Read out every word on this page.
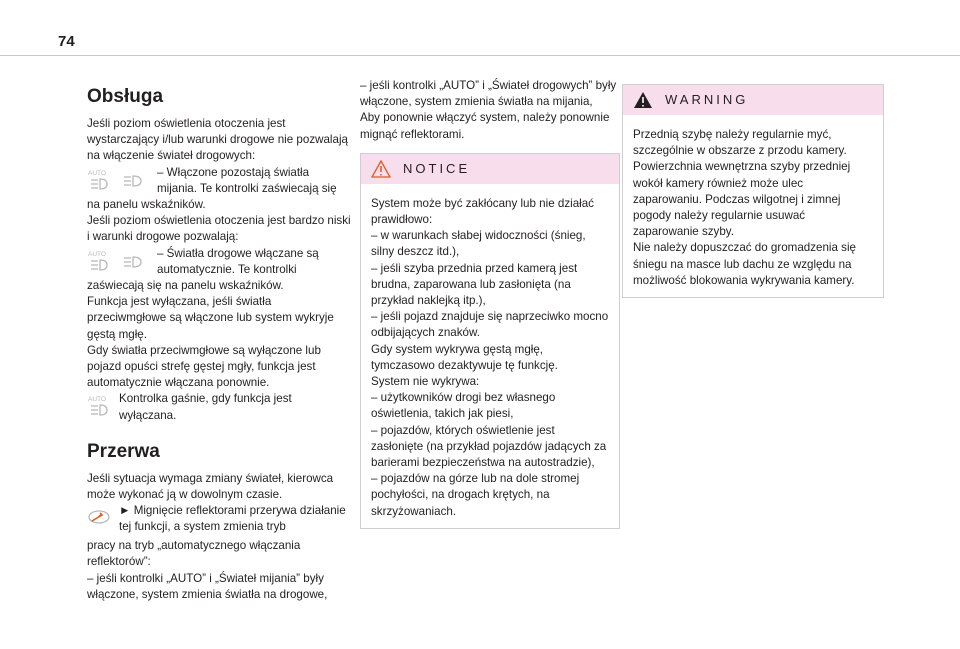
74
Obsługa

Jeśli poziom oświetlenia otoczenia jest wystarczający i/lub warunki drogowe nie pozwalają na włączenie świateł drogowych:

AUTO	– Włączone pozostają światła mijania. Te kontrolki zaświecają się

na panelu wskaźników.

Jeśli poziom oświetlenia otoczenia jest bardzo niski i warunki drogowe pozwalają:

AUTO	– Światła drogowe włączane są automatycznie. Te kontrolki

zaświecają się na panelu wskaźników.

Funkcja jest wyłączana, jeśli światła przeciwmgłowe są włączone lub system wykryje gęstą mgłę.

Gdy światła przeciwmgłowe są wyłączone lub pojazd opuści strefę gęstej mgły, funkcja jest automatycznie włączana ponownie.

AUTO Kontrolka gaśnie, gdy funkcja jest wyłączana.
Przerwa

Jeśli sytuacja wymaga zmiany świateł, kierowca może wykonać ją w dowolnym czasie.

► Mignięcie reflektorami przerywa działanie tej funkcji, a system zmienia tryb

pracy na tryb „automatycznego włączania reflektorów”:

– jeśli kontrolki „AUTO” i „Świateł mijania” były włączone, system zmienia światła na drogowe,

– jeśli kontrolki „AUTO” i „Świateł drogowych” były włączone, system zmienia światła na mijania,

Aby ponownie włączyć system, należy ponownie mignąć reflektorami.

NOTICE

System może być zakłócany lub nie działać prawidłowo:

– w warunkach słabej widoczności (śnieg, silny deszcz itd.),

– jeśli szyba przednia przed kamerą jest brudna, zaparowana lub zasłonięta (na przykład naklejką itp.),

– jeśli pojazd znajduje się naprzeciwko mocno odbijających znaków.

Gdy system wykrywa gęstą mgłę, tymczasowo dezaktywuje tę funkcję.

System nie wykrywa:

– użytkowników drogi bez własnego oświetlenia, takich jak piesi,

– pojazdów, których oświetlenie jest zasłonięte (na przykład pojazdów jadących za barierami bezpieczeństwa na autostradzie),

– pojazdów na górze lub na dole stromej pochyłości, na drogach krętych, na skrzyżowaniach.

WARNING

Przednią szybę należy regularnie myć, szczególnie w obszarze z przodu kamery.

Powierzchnia wewnętrzna szyby przedniej wokół kamery również może ulec zaparowaniu. Podczas wilgotnej i zimnej pogody należy regularnie usuwać zaparowanie szyby.

Nie należy dopuszczać do gromadzenia się śniegu na masce lub dachu ze względu na możliwość blokowania wykrywania kamery.
